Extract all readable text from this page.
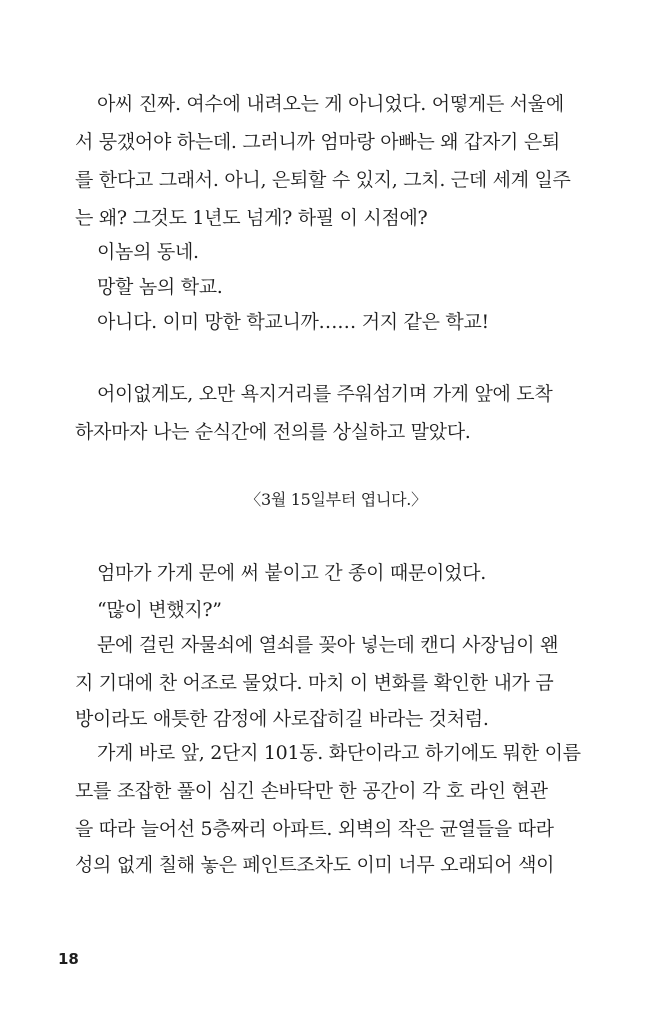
아씨 진짜. 여수에 내려오는 게 아니었다. 어떻게든 서울에
서 뭉갰어야 하는데. 그러니까 엄마랑 아빠는 왜 갑자기 은퇴
를 한다고 그래서. 아니, 은퇴할 수 있지, 그치. 근데 세계 일주
는 왜? 그것도 1년도 넘게? 하필 이 시점에?
이놈의 동네.
망할 놈의 학교.
아니다. 이미 망한 학교니까…… 거지 같은 학교!
어이없게도, 오만 욕지거리를 주워섬기며 가게 앞에 도착
하자마자 나는 순식간에 전의를 상실하고 말았다.
〈3월 15일부터 엽니다.〉
엄마가 가게 문에 써 붙이고 간 종이 때문이었다.
“많이 변했지?”
문에 걸린 자물쇠에 열쇠를 꽂아 넣는데 캔디 사장님이 왠
지 기대에 찬 어조로 물었다. 마치 이 변화를 확인한 내가 금
방이라도 애틋한 감정에 사로잡히길 바라는 것처럼.
가게 바로 앞, 2단지 101동. 화단이라고 하기에도 뭐한 이름
모를 조잡한 풀이 심긴 손바닥만 한 공간이 각 호 라인 현관
을 따라 늘어선 5층짜리 아파트. 외벽의 작은 균열들을 따라
성의 없게 칠해 놓은 페인트조차도 이미 너무 오래되어 색이
18
